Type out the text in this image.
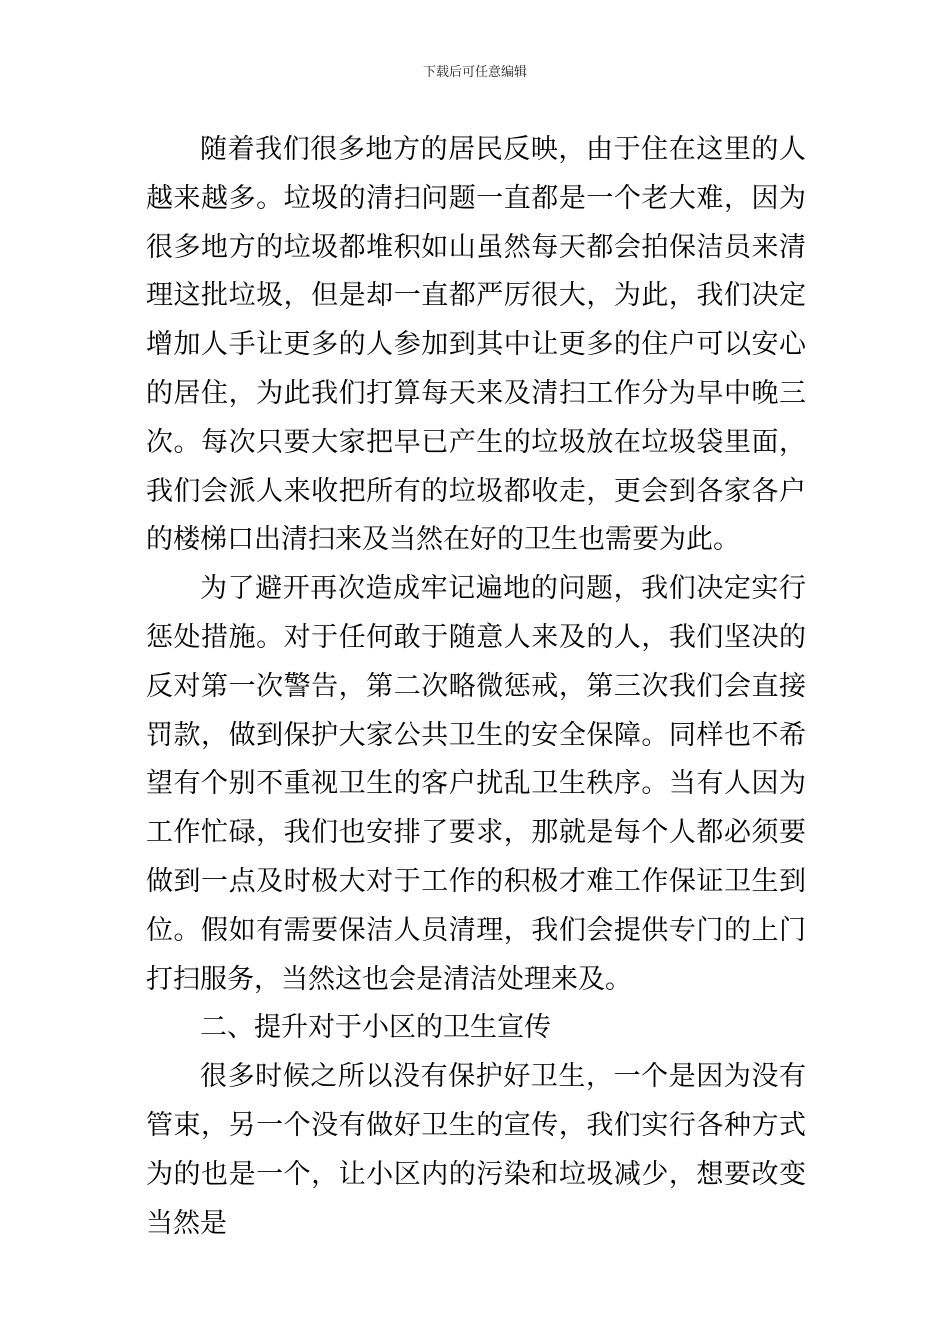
下载后可任意编辑

随着我们很多地方的居民反映，由于住在这里的人越来越多。垃圾的清扫问题一直都是一个老大难，因为很多地方的垃圾都堆积如山虽然每天都会拍保洁员来清理这批垃圾，但是却一直都严厉很大，为此，我们决定增加人手让更多的人参加到其中让更多的住户可以安心的居住，为此我们打算每天来及清扫工作分为早中晚三次。每次只要大家把早已产生的垃圾放在垃圾袋里面，我们会派人来收把所有的垃圾都收走，更会到各家各户的楼梯口出清扫来及当然在好的卫生也需要为此。

为了避开再次造成牢记遍地的问题，我们决定实行惩处措施。对于任何敢于随意人来及的人，我们坚决的反对第一次警告，第二次略微惩戒，第三次我们会直接罚款，做到保护大家公共卫生的安全保障。同样也不希望有个别不重视卫生的客户扰乱卫生秩序。当有人因为工作忙碌，我们也安排了要求，那就是每个人都必须要做到一点及时极大对于工作的积极才难工作保证卫生到位。假如有需要保洁人员清理，我们会提供专门的上门打扫服务，当然这也会是清洁处理来及。

二、提升对于小区的卫生宣传

很多时候之所以没有保护好卫生，一个是因为没有管束，另一个没有做好卫生的宣传，我们实行各种方式为的也是一个，让小区内的污染和垃圾减少，想要改变当然是
